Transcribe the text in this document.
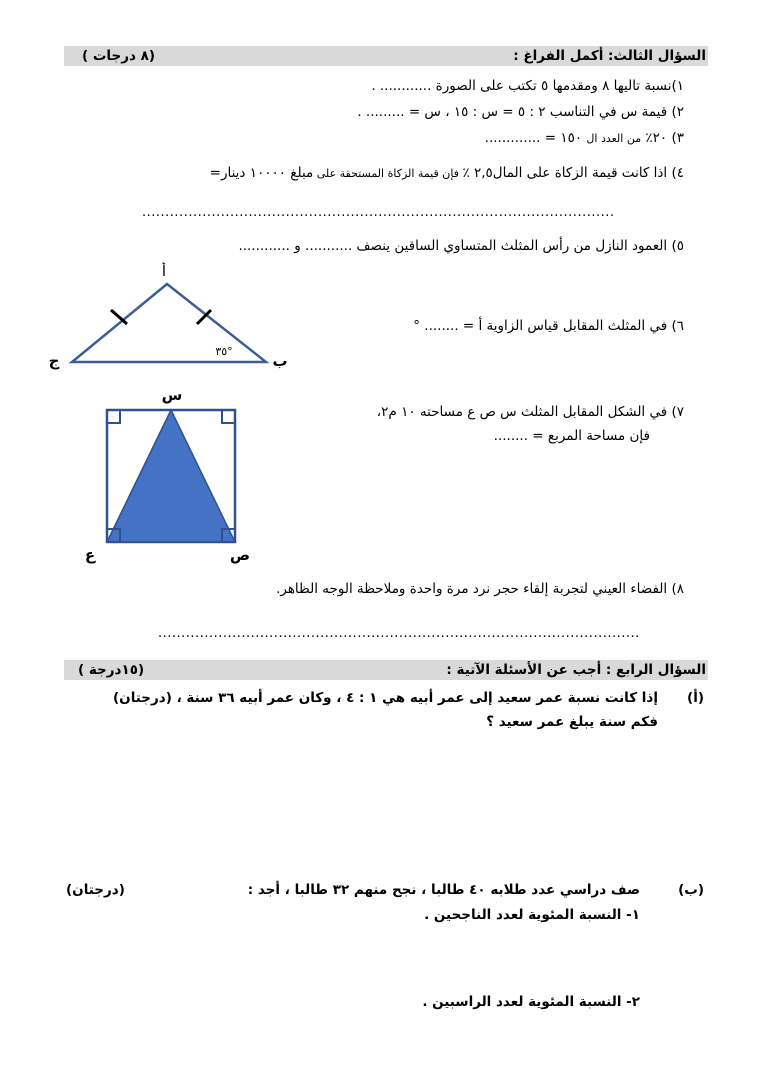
السؤال الثالث: أكمل الفراغ :
(٨ درجات )
١)نسبة تاليها ٨ ومقدمها ٥ تكتب على الصورة ............ .
٢) قيمة س في التناسب ٢ : ٥ = س : ١٥ ، س = ......... .
٣) ٢٠٪ من العدد ال ١٥٠ = .............
٤) اذا كانت قيمة الزكاة على المال٢,٥ ٪ فإن قيمة الزكاة المستحقة على مبلغ ١٠٠٠٠ دينار=
......................................................................................................
٥) العمود النازل من رأس المثلث المتساوي الساقين ينصف ........... و ............
أ
ج	ب
٣٥°
٦) في المثلث المقابل قياس الزاوية أ = ........ °
س
ص
ع
٧) في الشكل المقابل المثلث س ص ع مساحته ١٠ م٢،
فإن مساحة المربع = ........
٨) الفضاء العيني لتجربة إلقاء حجر نرد مرة واحدة وملاحظة الوجه الظاهر.
........................................................................................................
السؤال الرابع : أجب عن الأسئلة الآتية :
(١٥درجة )
(أ)
إذا كانت نسبة عمر سعيد إلى عمر أبيه هي ١ : ٤ ، وكان عمر أبيه ٣٦ سنة ، (درجتان)
فكم سنة يبلغ عمر سعيد ؟
(ب)
صف دراسي عدد طلابه ٤٠ طالبا ، نجح منهم ٣٢ طالبا ، أجد :
(درجتان)
١- النسبة المئوية لعدد الناجحين .
٢- النسبة المئوية لعدد الراسبين .
